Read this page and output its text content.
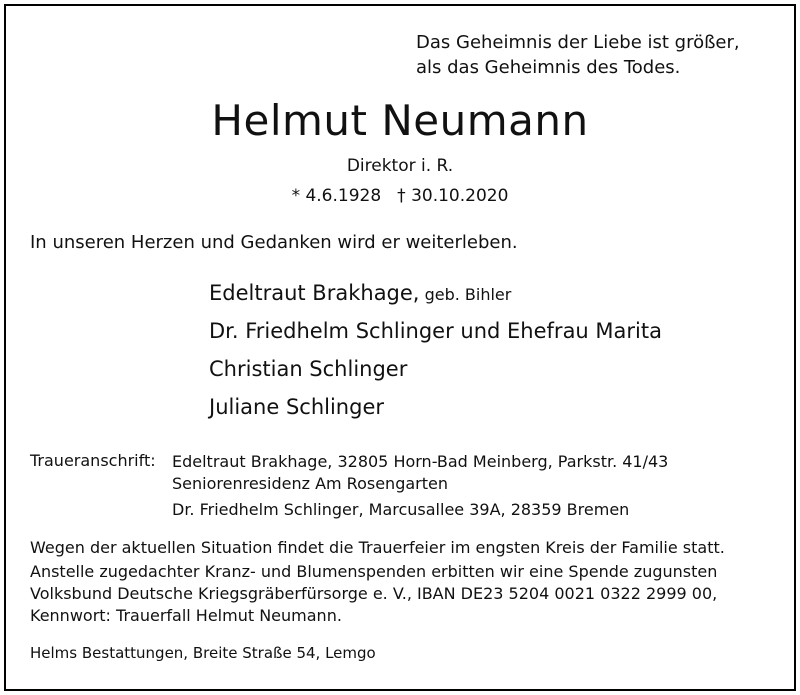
Das Geheimnis der Liebe ist größer,
als das Geheimnis des Todes.
Helmut Neumann
Direktor i. R.
* 4.6.1928 † 30.10.2020
In unseren Herzen und Gedanken wird er weiterleben.
Edeltraut Brakhage, geb. Bihler
Dr. Friedhelm Schlinger und Ehefrau Marita
Christian Schlinger
Juliane Schlinger
Traueranschrift: Edeltraut Brakhage, 32805 Horn-Bad Meinberg, Parkstr. 41/43
Seniorenresidenz Am Rosengarten
Dr. Friedhelm Schlinger, Marcusallee 39A, 28359 Bremen
Wegen der aktuellen Situation findet die Trauerfeier im engsten Kreis der Familie statt.
Anstelle zugedachter Kranz- und Blumenspenden erbitten wir eine Spende zugunsten
Volksbund Deutsche Kriegsgräberfürsorge e. V., IBAN DE23 5204 0021 0322 2999 00,
Kennwort: Trauerfall Helmut Neumann.
Helms Bestattungen, Breite Straße 54, Lemgo
